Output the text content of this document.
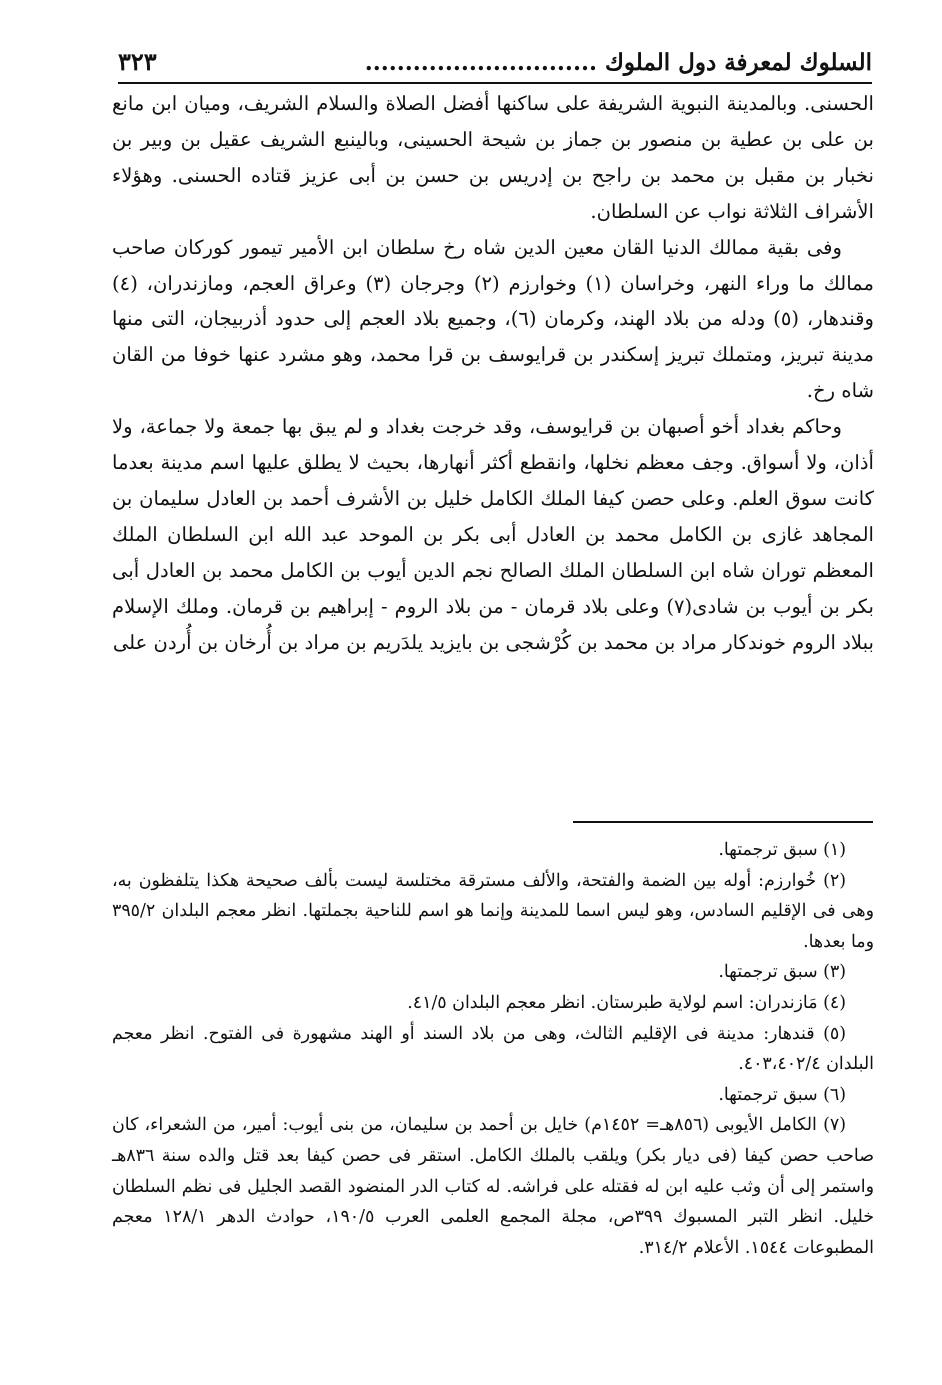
السلوك لمعرفة دول الملوك .............................
٣٢٣

الحسنى. وبالمدينة النبوية الشريفة على ساكنها أفضل الصلاة والسلام الشريف، وميان ابن مانع بن على بن عطية بن منصور بن جماز بن شيحة الحسينى، وبالينبع الشريف عقيل بن وبير بن نخبار بن مقبل بن محمد بن راجح بن إدريس بن حسن بن أبى عزيز قتاده الحسنى. وهؤلاء الأشراف الثلاثة نواب عن السلطان.

وفى بقية ممالك الدنيا القان معين الدين شاه رخ سلطان ابن الأمير تيمور كوركان صاحب ممالك ما وراء النهر، وخراسان (١) وخوارزم (٢) وجرجان (٣) وعراق العجم، ومازندران، (٤) وقندهار، (٥) ودله من بلاد الهند، وكرمان (٦)، وجميع بلاد العجم إلى حدود أذربيجان، التى منها مدينة تبريز، ومتملك تبريز إسكندر بن قرايوسف بن قرا محمد، وهو مشرد عنها خوفا من القان شاه رخ.

وحاكم بغداد أخو أصبهان بن قرايوسف، وقد خرجت بغداد و لم يبق بها جمعة ولا جماعة، ولا أذان، ولا أسواق. وجف معظم نخلها، وانقطع أكثر أنهارها، بحيث لا يطلق عليها اسم مدينة بعدما كانت سوق العلم. وعلى حصن كيفا الملك الكامل خليل بن الأشرف أحمد بن العادل سليمان بن المجاهد غازى بن الكامل محمد بن العادل أبى بكر بن الموحد عبد الله ابن السلطان الملك المعظم توران شاه ابن السلطان الملك الصالح نجم الدين أيوب بن الكامل محمد بن العادل أبى بكر بن أيوب بن شادى(٧) وعلى بلاد قرمان - من بلاد الروم - إبراهيم بن قرمان. وملك الإسلام ببلاد الروم خوندكار مراد بن محمد بن كُرْشجى بن بايزيد يلدَريم بن مراد بن أُرخان بن أُردن على

(١) سبق ترجمتها.

(٢) خُوارزم: أوله بين الضمة والفتحة، والألف مسترقة مختلسة ليست بألف صحيحة هكذا يتلفظون به، وهى فى الإقليم السادس، وهو ليس اسما للمدينة وإنما هو اسم للناحية بجملتها. انظر معجم البلدان ٣٩٥/٢ وما بعدها.

(٣) سبق ترجمتها.

(٤) مَازندران: اسم لولاية طبرستان. انظر معجم البلدان ٤١/٥.

(٥) قندهار: مدينة فى الإقليم الثالث، وهى من بلاد السند أو الهند مشهورة فى الفتوح. انظر معجم البلدان ٤٠٣،٤٠٢/٤.

(٦) سبق ترجمتها.

(٧) الكامل الأيوبى (٨٥٦هـ= ١٤٥٢م) خايل بن أحمد بن سليمان، من بنى أيوب: أمير، من الشعراء، كان صاحب حصن كيفا (فى ديار بكر) ويلقب بالملك الكامل. استقر فى حصن كيفا بعد قتل والده سنة ٨٣٦هـ واستمر إلى أن وثب عليه ابن له فقتله على فراشه. له كتاب الدر المنضود القصد الجليل فى نظم السلطان خليل. انظر التبر المسبوك ٣٩٩ص، مجلة المجمع العلمى العرب ١٩٠/٥، حوادث الدهر ١٢٨/١ معجم المطبوعات ١٥٤٤. الأعلام ٣١٤/٢.
